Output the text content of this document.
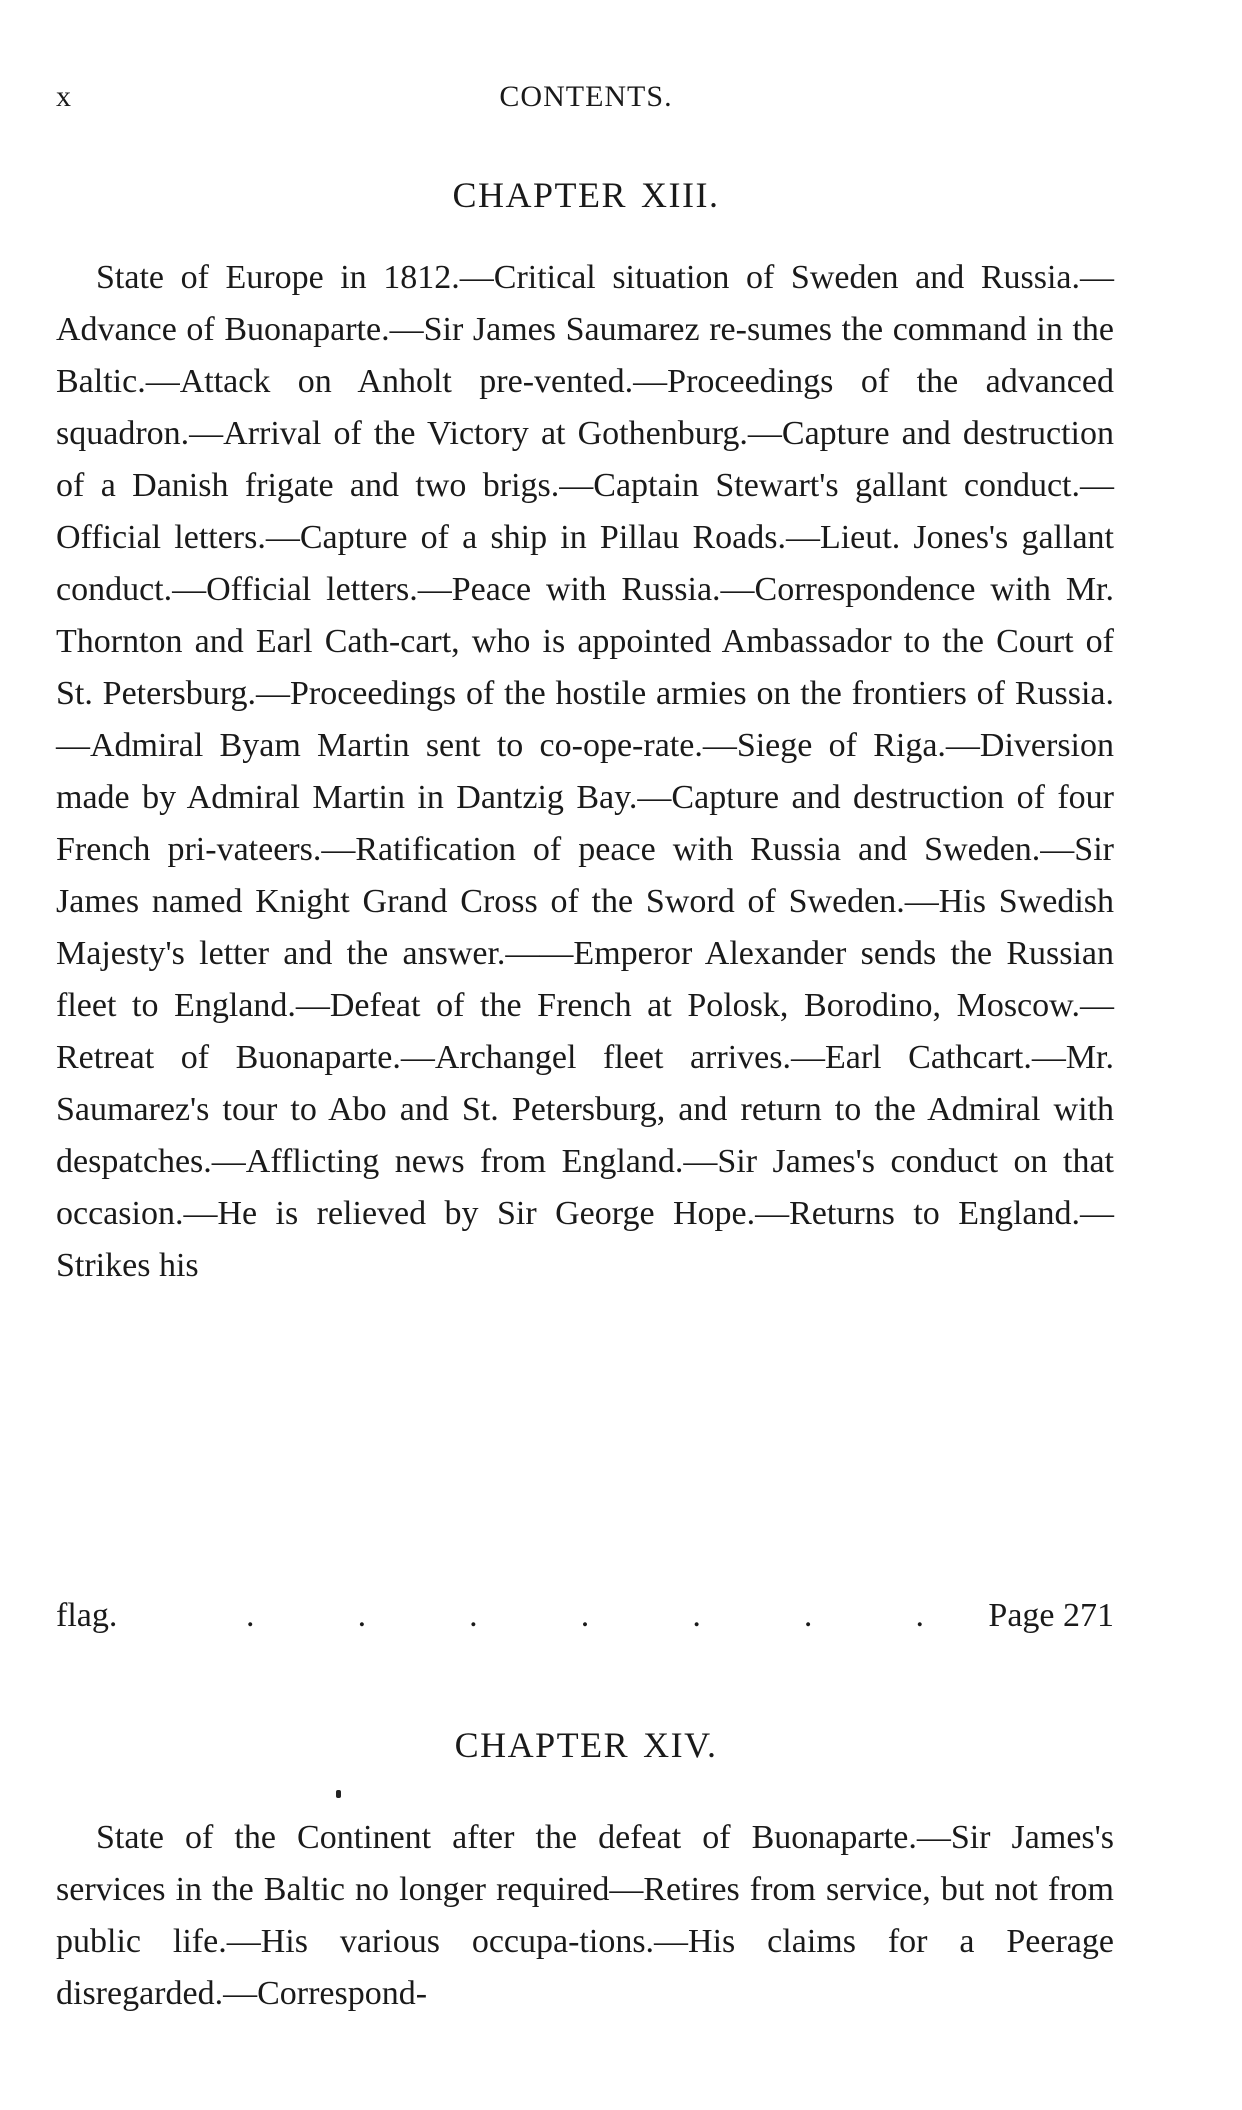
x	CONTENTS.
CHAPTER XIII.

State of Europe in 1812.—Critical situation of Sweden and Russia.—Advance of Buonaparte.—Sir James Saumarez re-sumes the command in the Baltic.—Attack on Anholt pre-vented.—Proceedings of the advanced squadron.—Arrival of the Victory at Gothenburg.—Capture and destruction of a Danish frigate and two brigs.—Captain Stewart's gallant conduct.—Official letters.—Capture of a ship in Pillau Roads.—Lieut. Jones's gallant conduct.—Official letters.—Peace with Russia.—Correspondence with Mr. Thornton and Earl Cath-cart, who is appointed Ambassador to the Court of St. Petersburg.—Proceedings of the hostile armies on the frontiers of Russia.—Admiral Byam Martin sent to co-ope-rate.—Siege of Riga.—Diversion made by Admiral Martin in Dantzig Bay.—Capture and destruction of four French pri-vateers.—Ratification of peace with Russia and Sweden.—Sir James named Knight Grand Cross of the Sword of Sweden.—His Swedish Majesty's letter and the answer.——Emperor Alexander sends the Russian fleet to England.—Defeat of the French at Polosk, Borodino, Moscow.—Retreat of Buonaparte.—Archangel fleet arrives.—Earl Cathcart.—Mr. Saumarez's tour to Abo and St. Petersburg, and return to the Admiral with despatches.—Afflicting news from England.—Sir James's conduct on that occasion.—He is relieved by Sir George Hope.—Returns to England.—Strikes his

flag.	.	.	.	.	.	.	. Page 271
CHAPTER XIV.

State of the Continent after the defeat of Buonaparte.—Sir James's services in the Baltic no longer required—Retires from service, but not from public life.—His various occupa-tions.—His claims for a Peerage disregarded.—Correspond-
